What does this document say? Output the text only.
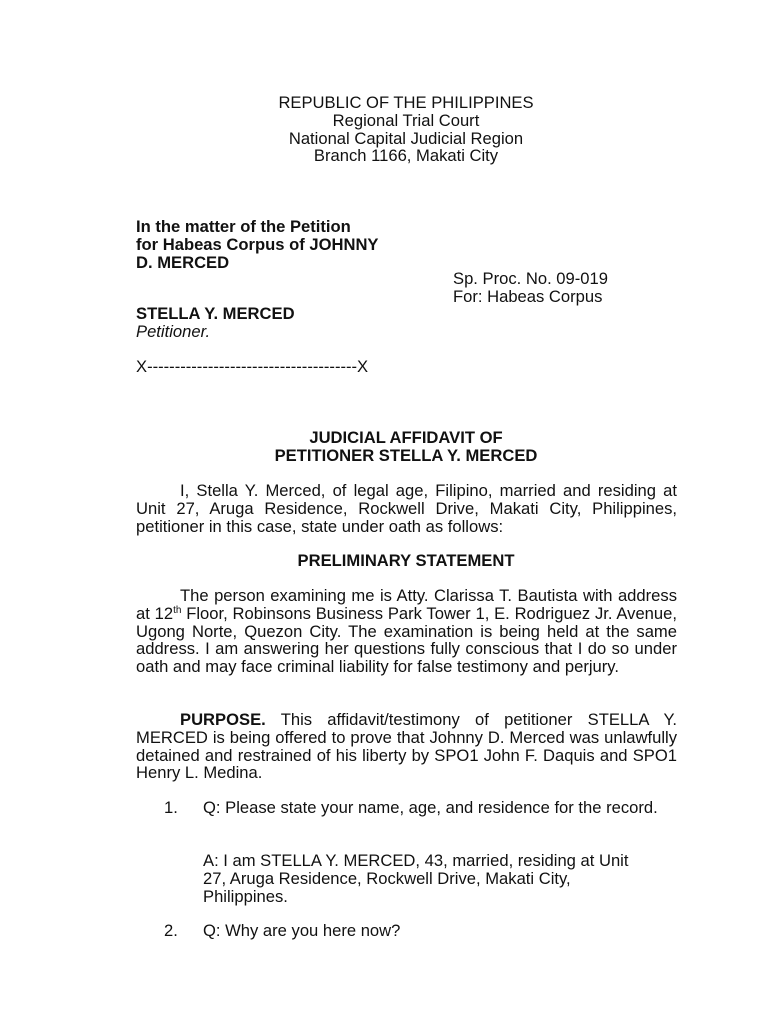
REPUBLIC OF THE PHILIPPINES
Regional Trial Court
National Capital Judicial Region
Branch 1166, Makati City
In the matter of the Petition
for Habeas Corpus of JOHNNY
D. MERCED
Sp. Proc. No. 09-019
For: Habeas Corpus
STELLA Y. MERCED
Petitioner.
X--------------------------------------X
JUDICIAL AFFIDAVIT OF
PETITIONER STELLA Y. MERCED
I, Stella Y. Merced, of legal age, Filipino, married and residing at Unit 27, Aruga Residence, Rockwell Drive, Makati City, Philippines, petitioner in this case, state under oath as follows:
PRELIMINARY STATEMENT
The person examining me is Atty. Clarissa T. Bautista with address at 12th Floor, Robinsons Business Park Tower 1, E. Rodriguez Jr. Avenue, Ugong Norte, Quezon City. The examination is being held at the same address. I am answering her questions fully conscious that I do so under oath and may face criminal liability for false testimony and perjury.
PURPOSE. This affidavit/testimony of petitioner STELLA Y. MERCED is being offered to prove that Johnny D. Merced was unlawfully detained and restrained of his liberty by SPO1 John F. Daquis and SPO1 Henry L. Medina.
1.	Q: Please state your name, age, and residence for the record.
A: I am STELLA Y. MERCED, 43, married, residing at Unit
27, Aruga Residence, Rockwell Drive, Makati City,
Philippines.
2.	Q: Why are you here now?
